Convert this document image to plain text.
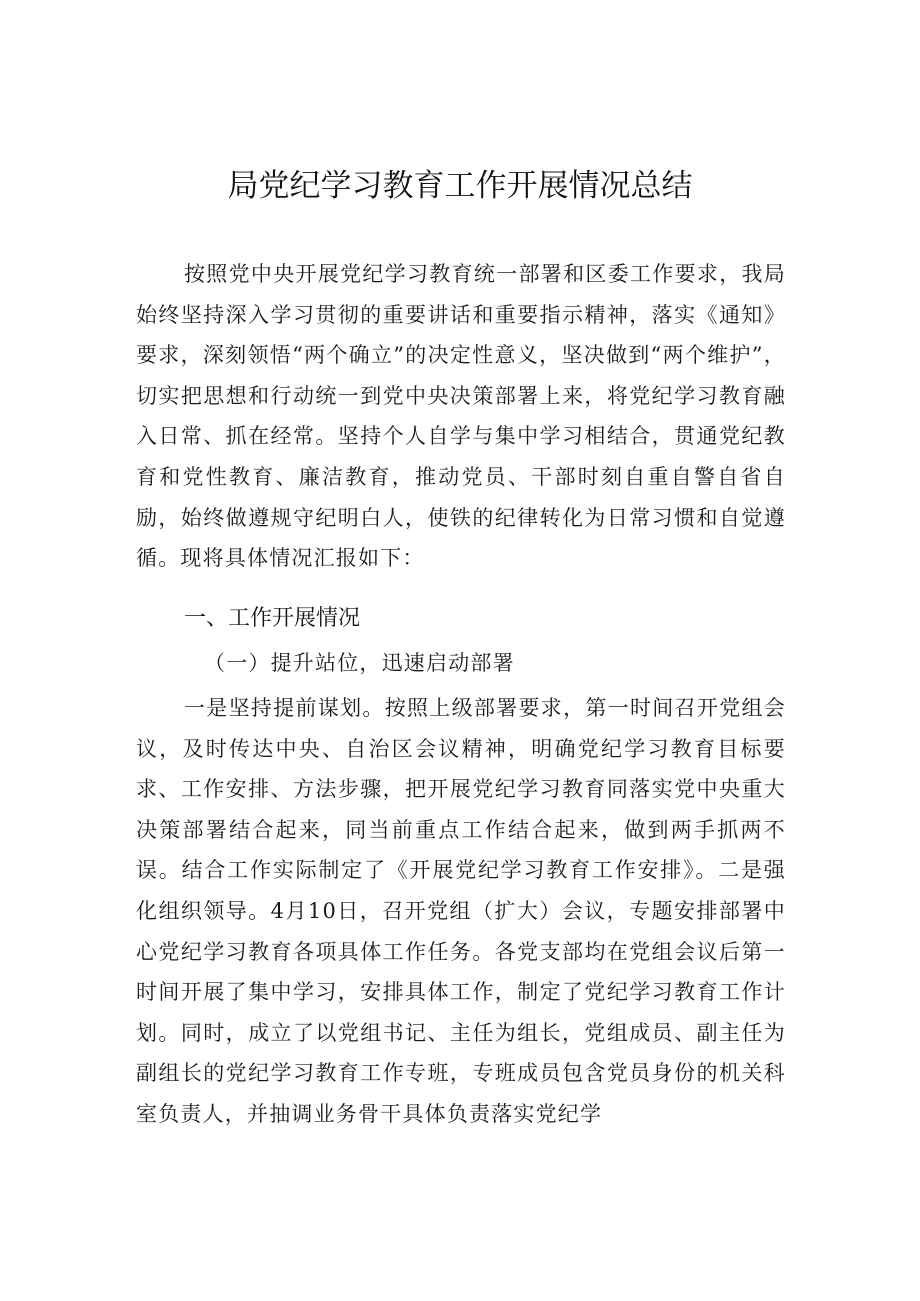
局党纪学习教育工作开展情况总结

按照党中央开展党纪学习教育统一部署和区委工作要求，我局始终坚持深入学习贯彻的重要讲话和重要指示精神，落实《通知》要求，深刻领悟“两个确立”的决定性意义，坚决做到“两个维护”，切实把思想和行动统一到党中央决策部署上来，将党纪学习教育融入日常、抓在经常。坚持个人自学与集中学习相结合，贯通党纪教育和党性教育、廉洁教育，推动党员、干部时刻自重自警自省自励，始终做遵规守纪明白人，使铁的纪律转化为日常习惯和自觉遵循。现将具体情况汇报如下：

一、工作开展情况
（一）提升站位，迅速启动部署

一是坚持提前谋划。按照上级部署要求，第一时间召开党组会议，及时传达中央、自治区会议精神，明确党纪学习教育目标要求、工作安排、方法步骤，把开展党纪学习教育同落实党中央重大决策部署结合起来，同当前重点工作结合起来，做到两手抓两不误。结合工作实际制定了《开展党纪学习教育工作安排》。二是强化组织领导。4月10日，召开党组（扩大）会议，专题安排部署中心党纪学习教育各项具体工作任务。各党支部均在党组会议后第一时间开展了集中学习，安排具体工作，制定了党纪学习教育工作计划。同时，成立了以党组书记、主任为组长，党组成员、副主任为副组长的党纪学习教育工作专班，专班成员包含党员身份的机关科室负责人，并抽调业务骨干具体负责落实党纪学
